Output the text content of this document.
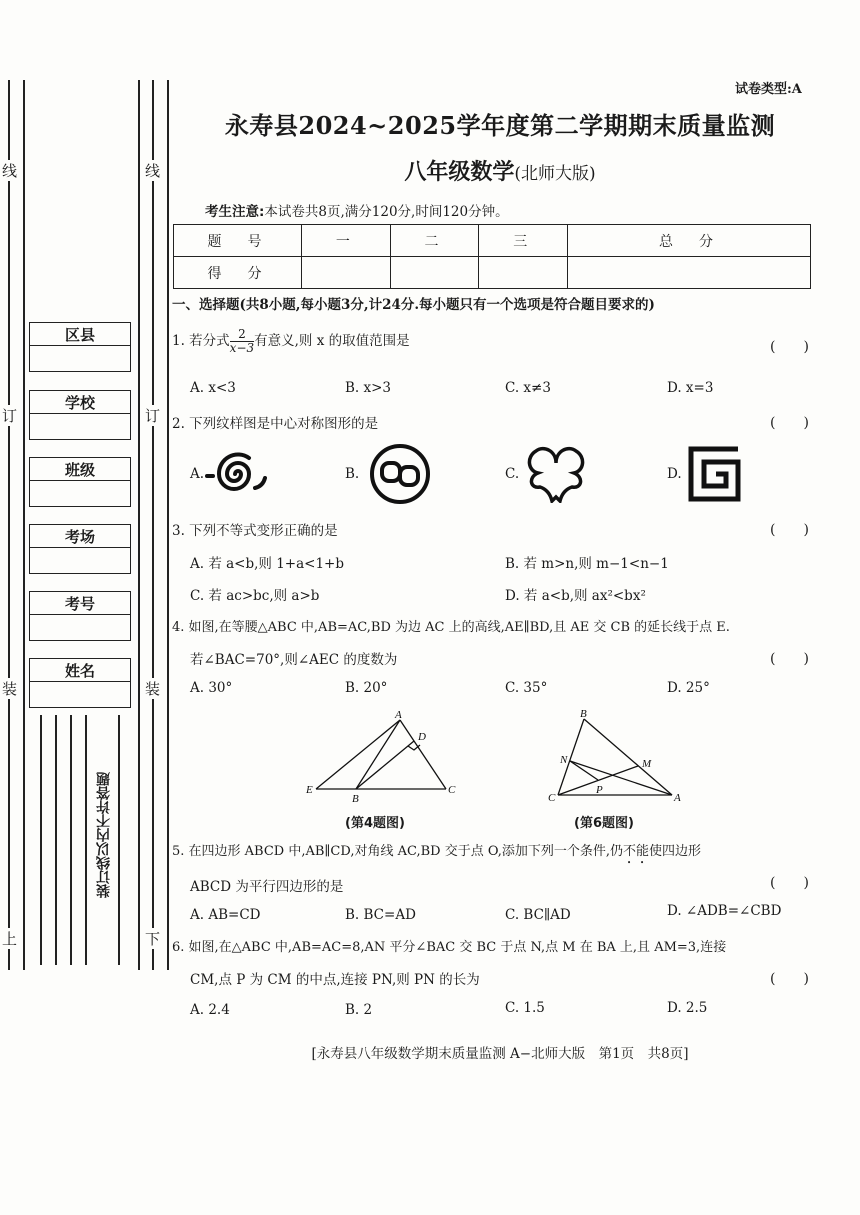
线	线
订	订
装	装
上	下
区县
学校
班级
考场
考号
姓名
装订线以内不许答题
试卷类型:A
永寿县2024~2025学年度第二学期期末质量监测
八年级数学(北师大版)
考生注意:本试卷共8页,满分120分,时间120分钟。
题　号	一	二	三	总　分
得　分				
一、选择题(共8小题,每小题3分,计24分.每小题只有一个选项是符合题目要求的)
1. 若分式 $\frac{2}{x-3}$ 有意义,则 x 的取值范围是	(　　)
A. x<3	B. x>3	C. x≠3	D. x=3
2. 下列纹样图是中心对称图形的是	(　　)
A.	B.	C.	D.
3. 下列不等式变形正确的是	(　　)
A. 若 a<b,则 1+a<1+b	B. 若 m>n,则 m−1<n−1
C. 若 ac>bc,则 a>b	D. 若 a<b,则 ax²<bx²
4. 如图,在等腰△ABC 中,AB=AC,BD 为边 AC 上的高线,AE∥BD,且 AE 交 CB 的延长线于点 E.
若∠BAC=70°,则∠AEC 的度数为	(　　)
A. 30°	B. 20°	C. 35°	D. 25°
A
B
C
D
E
(第4题图)
B
N	M
P
C	A
(第6题图)
5. 在四边形 ABCD 中,AB∥CD,对角线 AC,BD 交于点 O,添加下列一个条件,仍不能使四边形
ABCD 为平行四边形的是	(　　)
A. AB=CD	B. BC=AD	C. BC∥AD	D. ∠ADB=∠CBD
6. 如图,在△ABC 中,AB=AC=8,AN 平分∠BAC 交 BC 于点 N,点 M 在 BA 上,且 AM=3,连接
CM,点 P 为 CM 的中点,连接 PN,则 PN 的长为	(　　)
A. 2.4	B. 2	C. 1.5	D. 2.5
[永寿县八年级数学期末质量监测 A−北师大版　第1页　共8页]
